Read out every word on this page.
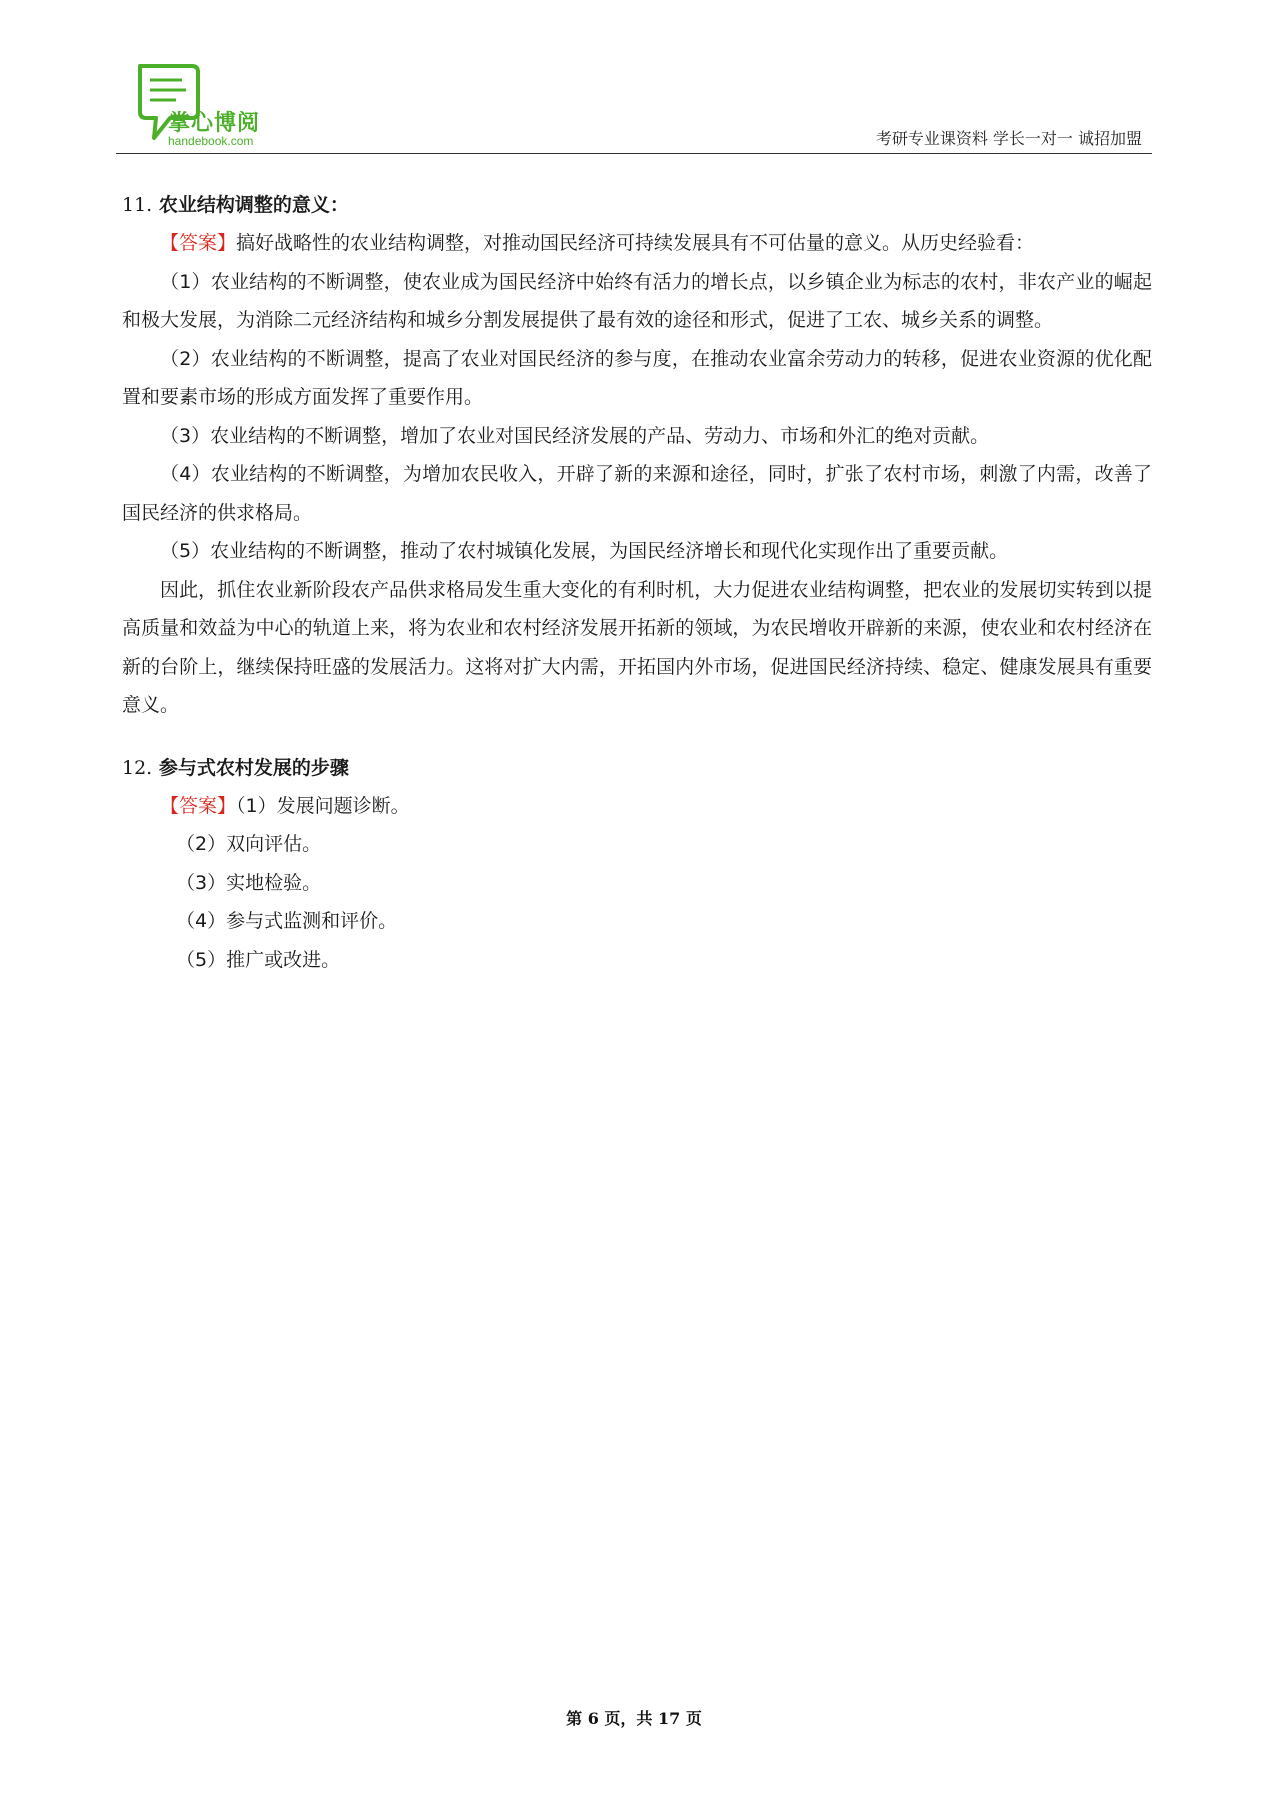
掌心博阅
handebook.com	考研专业课资料 学长一对一 诚招加盟

11. 农业结构调整的意义：

【答案】搞好战略性的农业结构调整，对推动国民经济可持续发展具有不可估量的意义。从历史经验看：

（1）农业结构的不断调整，使农业成为国民经济中始终有活力的增长点，以乡镇企业为标志的农村，非农产业的崛起和极大发展，为消除二元经济结构和城乡分割发展提供了最有效的途径和形式，促进了工农、城乡关系的调整。

（2）农业结构的不断调整，提高了农业对国民经济的参与度，在推动农业富余劳动力的转移，促进农业资源的优化配置和要素市场的形成方面发挥了重要作用。

（3）农业结构的不断调整，增加了农业对国民经济发展的产品、劳动力、市场和外汇的绝对贡献。

（4）农业结构的不断调整，为增加农民收入，开辟了新的来源和途径，同时，扩张了农村市场，刺激了内需，改善了国民经济的供求格局。

（5）农业结构的不断调整，推动了农村城镇化发展，为国民经济增长和现代化实现作出了重要贡献。

因此，抓住农业新阶段农产品供求格局发生重大变化的有利时机，大力促进农业结构调整，把农业的发展切实转到以提高质量和效益为中心的轨道上来，将为农业和农村经济发展开拓新的领域，为农民增收开辟新的来源，使农业和农村经济在新的台阶上，继续保持旺盛的发展活力。这将对扩大内需，开拓国内外市场，促进国民经济持续、稳定、健康发展具有重要意义。

12. 参与式农村发展的步骤

【答案】（1）发展问题诊断。

（2）双向评估。

（3）实地检验。

（4）参与式监测和评价。

（5）推广或改进。

第 6 页，共 17 页
